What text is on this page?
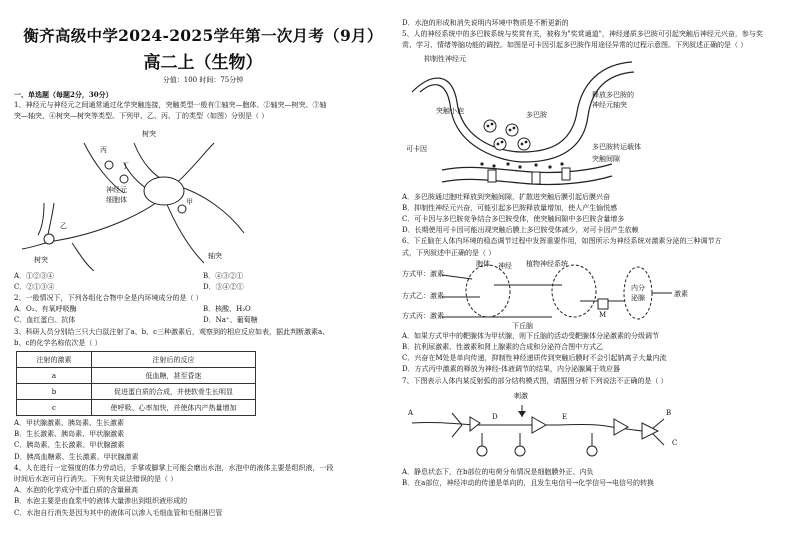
衡齐高级中学2024-2025学年第一次月考（9月）
高二上（生物）
分值：100 时间：75分钟

一、单选题（每题2分，30分）

1、神经元与神经元之间通常通过化学突触连接，突触类型一般有①轴突—胞体、②轴突—树突、③轴

突—轴突、④树突—树突等类型。下列甲、乙、丙、丁的类型（如图）分别是（ ）

树突
丙
丁
神经元
细胞体	甲
乙
树突	轴突

A．①②③④	B．④③②①

C．②①③④	D．③④②①

2、一般情况下，下列各组化合物中全是内环境成分的是（ ）

A．O₂、有氧呼吸酶	B．核酸、H₂O

C．血红蛋白、抗体	D．Na⁺、葡萄糖

3、科研人员分别给三只大白鼠注射了a、b、c三种激素后，观察到的相应反应如表，据此判断激素a、

b、c的化学名称依次是（ ）

注射的激素	注射后的反应
a	低血糖，甚至昏迷
b	促进蛋白质的合成，并使软骨生长明显
c	使呼吸、心率加快，并使体内产热量增加

A．甲状腺激素、胰岛素、生长激素

B．生长激素、胰岛素、甲状腺激素

C．胰岛素、生长激素、甲状腺激素

D．胰高血糖素、生长激素、甲状腺激素

4、人在进行一定强度的体力劳动后，手掌或脚掌上可能会磨出水泡，水泡中的液体主要是组织液，一段

时间后水泡可自行消失。下列有关说法错误的是（ ）

A．水泡的化学成分中蛋白质的含量最高

B．水泡主要是由血浆中的液体大量渗出到组织液形成的

C．水泡自行消失是因为其中的液体可以渗入毛细血管和毛细淋巴管

D．水泡的形成和消失说明内环境中物质是不断更新的

5、人的神经系统中的多巴胺系统与奖赏有关，被称为"奖赏通道"，神经递质多巴胺可引起突触后神经元兴奋，参与奖

赏、学习、情绪等脑功能的调控。如图是可卡因引起多巴胺作用途径异常的过程示意图。下列叙述正确的是（ ）

抑制性神经元
突触小泡	多巴胺
释放多巴胺的
神经元轴突
可卡因	多巴胺转运载体
突触间隙

A．多巴胺通过胞吐释放到突触间隙，扩散进突触后膜引起后膜兴奋

B．抑制性神经元兴奋，可能引起多巴胺释放量增加，使人产生愉悦感

C．可卡因与多巴胺竞争结合多巴胺受体，使突触间隙中多巴胺含量增多

D．长期使用可卡因可能出现突触后膜上多巴胺受体减少，对可卡因产生依赖

6、下丘脑在人体内环境的稳态调节过程中发挥重要作用，如图所示为神经系统对激素分泌的三种调节方

式，下列叙述中正确的是（ ）

胞体 神经 植物神经系统
方式甲：激素
方式乙：激素
方式丙：激素	M
内分
泌腺	激素
下丘脑

A．如果方式甲中的靶腺体为甲状腺，则下丘脑的活动受靶腺体分泌激素的分级调节

B．抗利尿激素、性激素和肾上腺素的合成和分泌符合图中方式乙

C．兴奋在M处是单向传递，抑制性神经递质传到突触后膜时不会引起钠离子大量内流

D．方式丙中激素的释放为神经-体液调节的结果，内分泌腺属于效应器

7、下图表示人体内某反射弧的部分结构模式图，请据图分析下列说法不正确的是（ ）

刺激
A	B
C
D	E

A．静息状态下，在b部位的电荷分布情况是细胞膜外正、内负

B．在a部位，神经冲动的传递是单向的，且发生电信号→化学信号→电信号的转换
